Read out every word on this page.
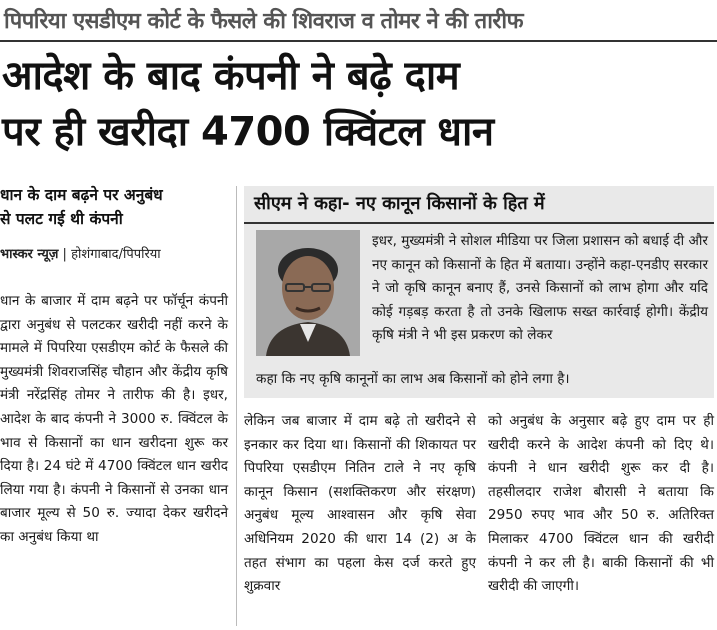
पिपरिया एसडीएम कोर्ट के फैसले की शिवराज व तोमर ने की तारीफ
आदेश के बाद कंपनी ने बढ़े दाम
पर ही खरीदा 4700 क्विंटल धान
धान के दाम बढ़ने पर अनुबंध
से पलट गई थी कंपनी
भास्कर न्यूज़ | होशंगाबाद/पिपरिया
धान के बाजार में दाम बढ़ने पर फॉर्चून कंपनी द्वारा अनुबंध से पलटकर खरीदी नहीं करने के मामले में पिपरिया एसडीएम कोर्ट के फैसले की मुख्यमंत्री शिवराजसिंह चौहान और केंद्रीय कृषि मंत्री नरेंद्रसिंह तोमर ने तारीफ की है। इधर, आदेश के बाद कंपनी ने 3000 रु. क्विंटल के भाव से किसानों का धान खरीदना शुरू कर दिया है। 24 घंटे में 4700 क्विंटल धान खरीद लिया गया है। कंपनी ने किसानों से उनका धान बाजार मूल्य से 50 रु. ज्यादा देकर खरीदने का अनुबंध किया था
सीएम ने कहा- नए कानून किसानों के हित में
इधर, मुख्यमंत्री ने सोशल मीडिया पर जिला प्रशासन को बधाई दी और नए कानून को किसानों के हित में बताया। उन्होंने कहा-एनडीए सरकार ने जो कृषि कानून बनाए हैं, उनसे किसानों को लाभ होगा और यदि कोई गड़बड़ करता है तो उनके खिलाफ सख्त कार्रवाई होगी। केंद्रीय कृषि मंत्री ने भी इस प्रकरण को लेकर
कहा कि नए कृषि कानूनों का लाभ अब किसानों को होने लगा है।
लेकिन जब बाजार में दाम बढ़े तो खरीदने से इनकार कर दिया था। किसानों की शिकायत पर पिपरिया एसडीएम नितिन टाले ने नए कृषि कानून किसान (सशक्तिकरण और संरक्षण) अनुबंध मूल्य आश्वासन और कृषि सेवा अधिनियम 2020 की धारा 14 (2) अ के तहत संभाग का पहला केस दर्ज करते हुए शुक्रवार
को अनुबंध के अनुसार बढ़े हुए दाम पर ही खरीदी करने के आदेश कंपनी को दिए थे। कंपनी ने धान खरीदी शुरू कर दी है। तहसीलदार राजेश बौरासी ने बताया कि 2950 रुपए भाव और 50 रु. अतिरिक्त मिलाकर 4700 क्विंटल धान की खरीदी कंपनी ने कर ली है। बाकी किसानों की भी खरीदी की जाएगी।
